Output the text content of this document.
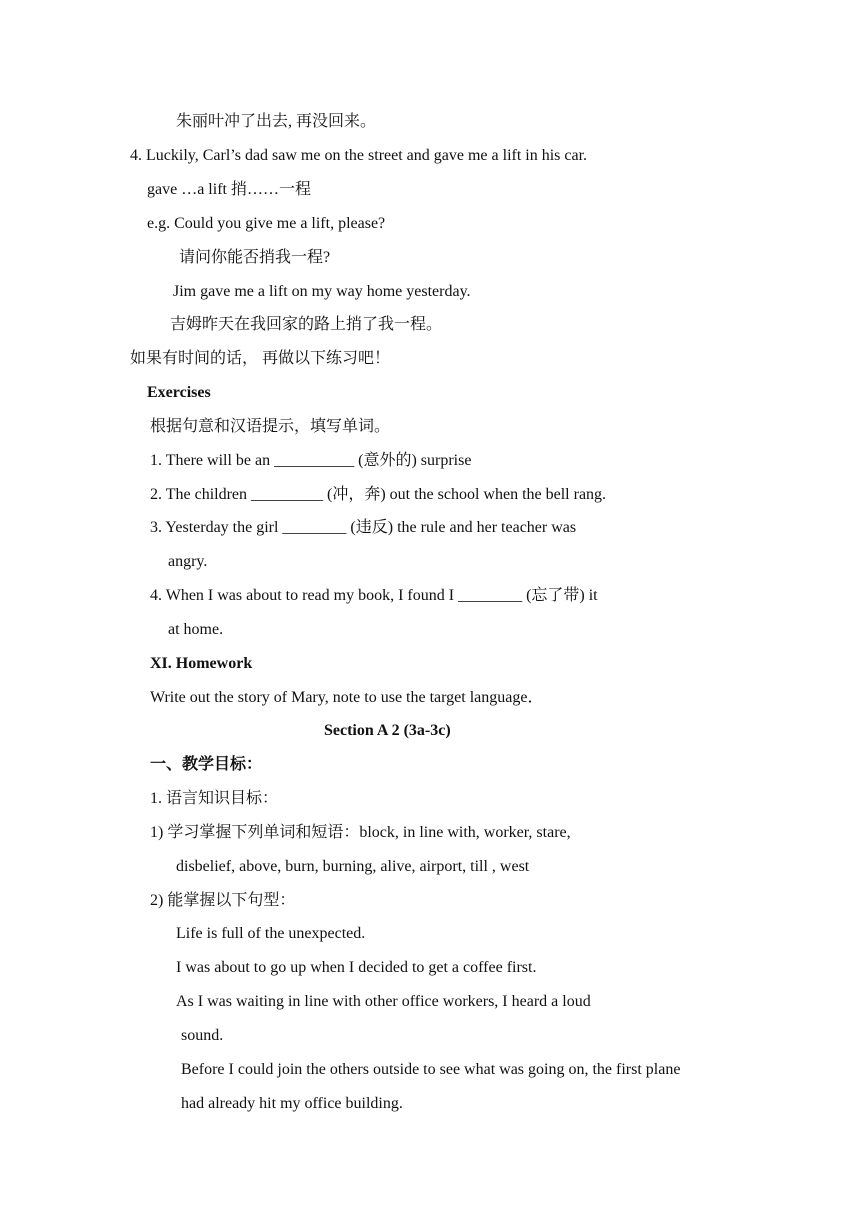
朱丽叶冲了出去, 再没回来。
4. Luckily, Carl’s dad saw me on the street and gave me a lift in his car.
gave …a lift 捎……一程
e.g. Could you give me a lift, please?
请问你能否捎我一程?
Jim gave me a lift on my way home yesterday.
吉姆昨天在我回家的路上捎了我一程。
如果有时间的话， 再做以下练习吧！
Exercises
根据句意和汉语提示，填写单词。
1. There will be an __________ (意外的) surprise
2. The children _________ (冲，奔) out the school when the bell rang.
3. Yesterday the girl ________ (违反) the rule and her teacher was
angry.
4. When I was about to read my book, I found I ________ (忘了带) it
at home.
XI. Homework
Write out the story of Mary, note to use the target language．
Section A 2 (3a-3c)
一、教学目标：
1. 语言知识目标：
1) 学习掌握下列单词和短语：block, in line with, worker, stare,
disbelief, above, burn, burning, alive, airport, till , west
2) 能掌握以下句型：
Life is full of the unexpected.
I was about to go up when I decided to get a coffee first.
As I was waiting in line with other office workers, I heard a loud
sound.
Before I could join the others outside to see what was going on, the first plane
had already hit my office building.
